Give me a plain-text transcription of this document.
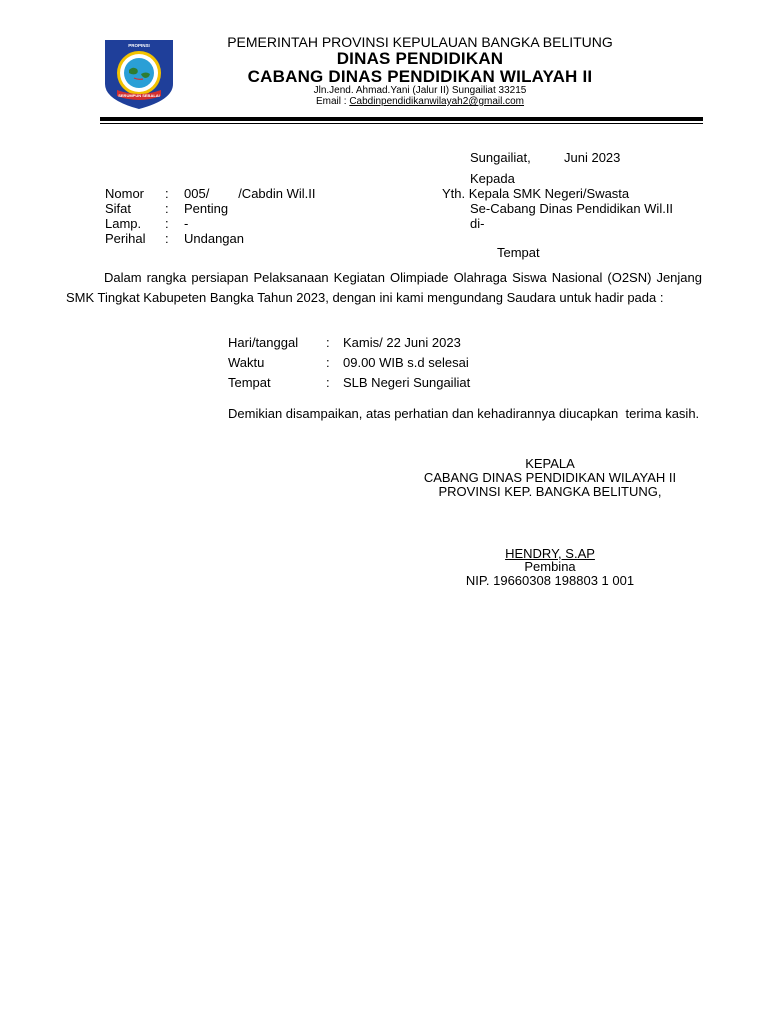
PROPINSI
SERUMPUN SEBALAI
PEMERINTAH PROVINSI KEPULAUAN BANGKA BELITUNG
DINAS PENDIDIKAN
CABANG DINAS PENDIDIKAN WILAYAH II
Jln.Jend. Ahmad.Yani (Jalur II) Sungailiat 33215
Email : Cabdinpendidikanwilayah2@gmail.com
Sungailiat,	Juni 2023
Kepada
Yth. Kepala SMK Negeri/Swasta
Se-Cabang Dinas Pendidikan Wil.II
di-
Tempat
Nomor : 005/        /Cabdin Wil.II
Sifat	: Penting
Lamp. : -
Perihal : Undangan
Dalam rangka persiapan Pelaksanaan Kegiatan Olimpiade Olahraga Siswa Nasional (O2SN) Jenjang SMK Tingkat Kabupeten Bangka Tahun 2023, dengan ini kami mengundang Saudara untuk hadir pada :
Hari/tanggal : Kamis/ 22 Juni 2023
Waktu	: 09.00 WIB s.d selesai
Tempat	: SLB Negeri Sungailiat
Demikian disampaikan, atas perhatian dan kehadirannya diucapkan  terima kasih.
KEPALA
CABANG DINAS PENDIDIKAN WILAYAH II
PROVINSI KEP. BANGKA BELITUNG,
HENDRY, S.AP
Pembina
NIP. 19660308 198803 1 001
